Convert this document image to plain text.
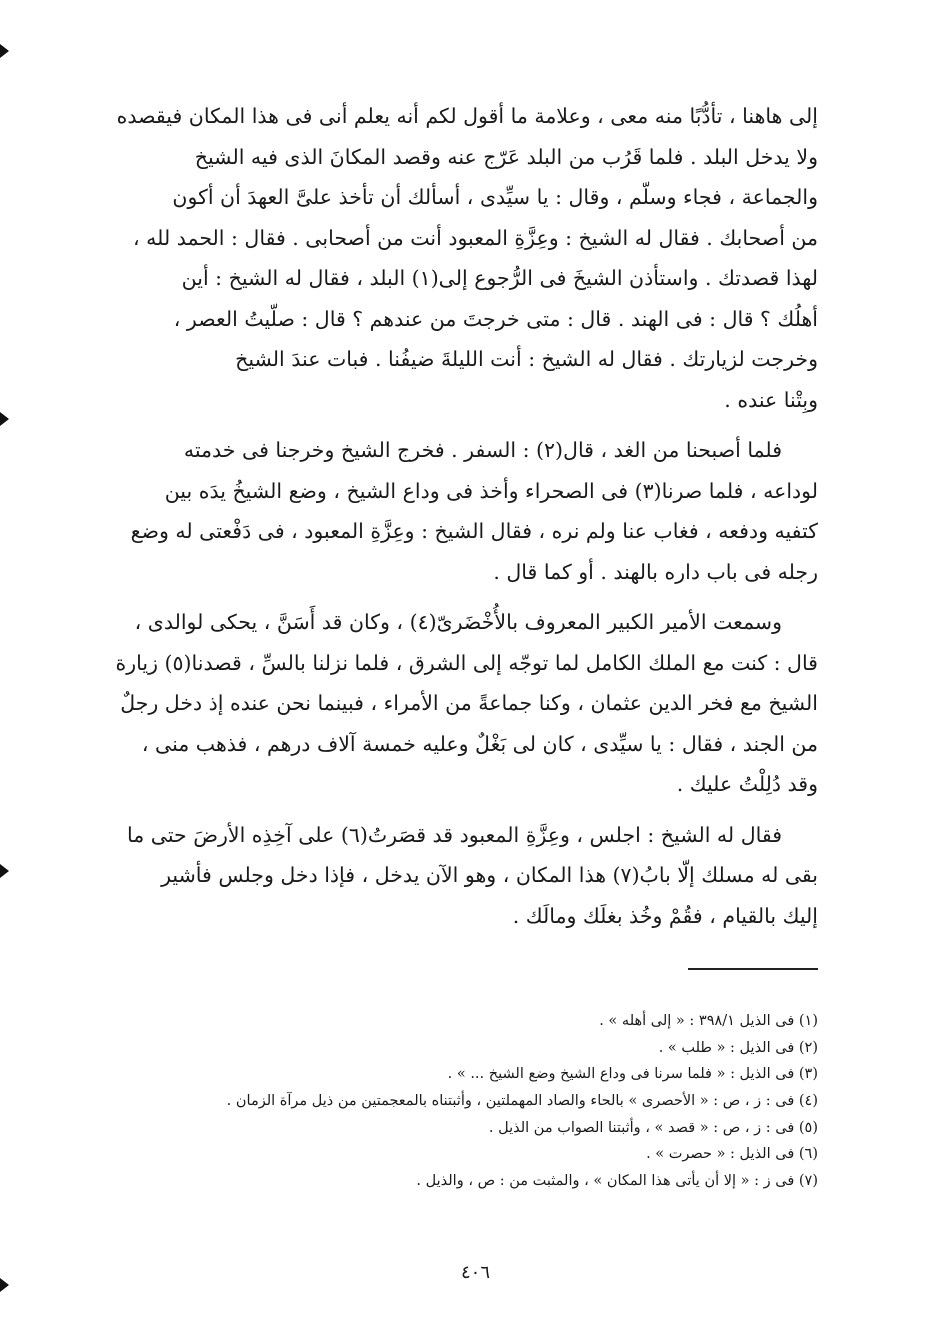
إلى هاهنا ، تأدُّبًا منه معى ، وعلامة ما أقول لكم أنه يعلم أنى فى هذا المكان فيقصده
ولا يدخل البلد . فلما قَرُب من البلد عَرّج عنه وقصد المكانَ الذى فيه الشيخ
والجماعة ، فجاء وسلّم ، وقال : يا سيِّدى ، أسألك أن تأخذ علىَّ العهدَ أن أكون
من أصحابك . فقال له الشيخ : وعِزَّةِ المعبود أنت من أصحابى . فقال : الحمد لله ،
لهذا قصدتك . واستأذن الشيخَ فى الرُّجوع إلى(١) البلد ، فقال له الشيخ : أين
أهلُك ؟ قال : فى الهند . قال : متى خرجتَ من عندهم ؟ قال : صلّيتُ العصر ،
وخرجت لزيارتك . فقال له الشيخ : أنت الليلةَ ضيفُنا . فبات عندَ الشيخ
وبِتْنا عنده .
فلما أصبحنا من الغد ، قال(٢) : السفر . فخرج الشيخ وخرجنا فى خدمته
لوداعه ، فلما صرنا(٣) فى الصحراء وأخذ فى وداع الشيخ ، وضع الشيخُ يدَه بين
كتفيه ودفعه ، فغاب عنا ولم نره ، فقال الشيخ : وعِزَّةِ المعبود ، فى دَفْعتى له وضع
رجله فى باب داره بالهند . أو كما قال .
وسمعت الأمير الكبير المعروف بالأُخْضَرىّ(٤) ، وكان قد أَسَنَّ ، يحكى لوالدى ،
قال : كنت مع الملك الكامل لما توجّه إلى الشرق ، فلما نزلنا بالسِّ ، قصدنا(٥) زيارة
الشيخ مع فخر الدين عثمان ، وكنا جماعةً من الأمراء ، فبينما نحن عنده إذ دخل رجلٌ
من الجند ، فقال : يا سيِّدى ، كان لى بَغْلٌ وعليه خمسة آلاف درهم ، فذهب منى ،
وقد دُلِلْتُ عليك .
فقال له الشيخ : اجلس ، وعِزَّةِ المعبود قد قصَرتُ(٦) على آخِذِه الأرضَ حتى ما
بقى له مسلك إلّا بابُ(٧) هذا المكان ، وهو الآن يدخل ، فإذا دخل وجلس فأشير
إليك بالقيام ، فقُمْ وخُذ بغلَك ومالَك .
(١) فى الذيل ٣٩٨/١ : « إلى أهله » .
(٢) فى الذيل : « طلب » .
(٣) فى الذيل : « فلما سرنا فى وداع الشيخ وضع الشيخ ... » .
(٤) فى : ز ، ص : « الأحصرى » بالحاء والصاد المهملتين ، وأثبتناه بالمعجمتين من ذيل مرآة الزمان .
(٥) فى : ز ، ص : « قصد » ، وأثبتنا الصواب من الذيل .
(٦) فى الذيل : « حصرت » .
(٧) فى ز : « إلا أن يأتى هذا المكان » ، والمثبت من : ص ، والذيل .
٤٠٦
